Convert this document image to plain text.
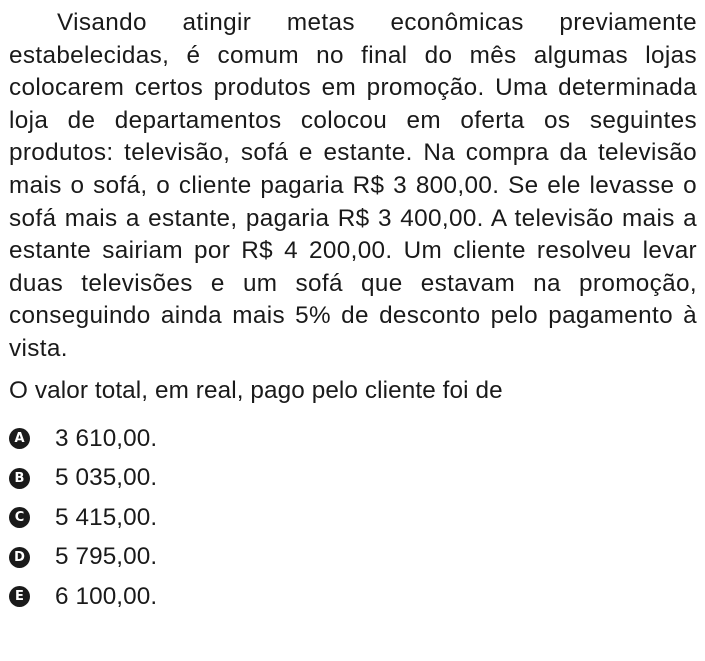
Visando atingir metas econômicas previamente estabelecidas, é comum no final do mês algumas lojas colocarem certos produtos em promoção. Uma determinada loja de departamentos colocou em oferta os seguintes produtos: televisão, sofá e estante. Na compra da televisão mais o sofá, o cliente pagaria R$ 3 800,00. Se ele levasse o sofá mais a estante, pagaria R$ 3 400,00. A televisão mais a estante sairiam por R$ 4 200,00. Um cliente resolveu levar duas televisões e um sofá que estavam na promoção, conseguindo ainda mais 5% de desconto pelo pagamento à vista.

O valor total, em real, pago pelo cliente foi de

A 3 610,00.
B 5 035,00.
C 5 415,00.
D 5 795,00.
E 6 100,00.
